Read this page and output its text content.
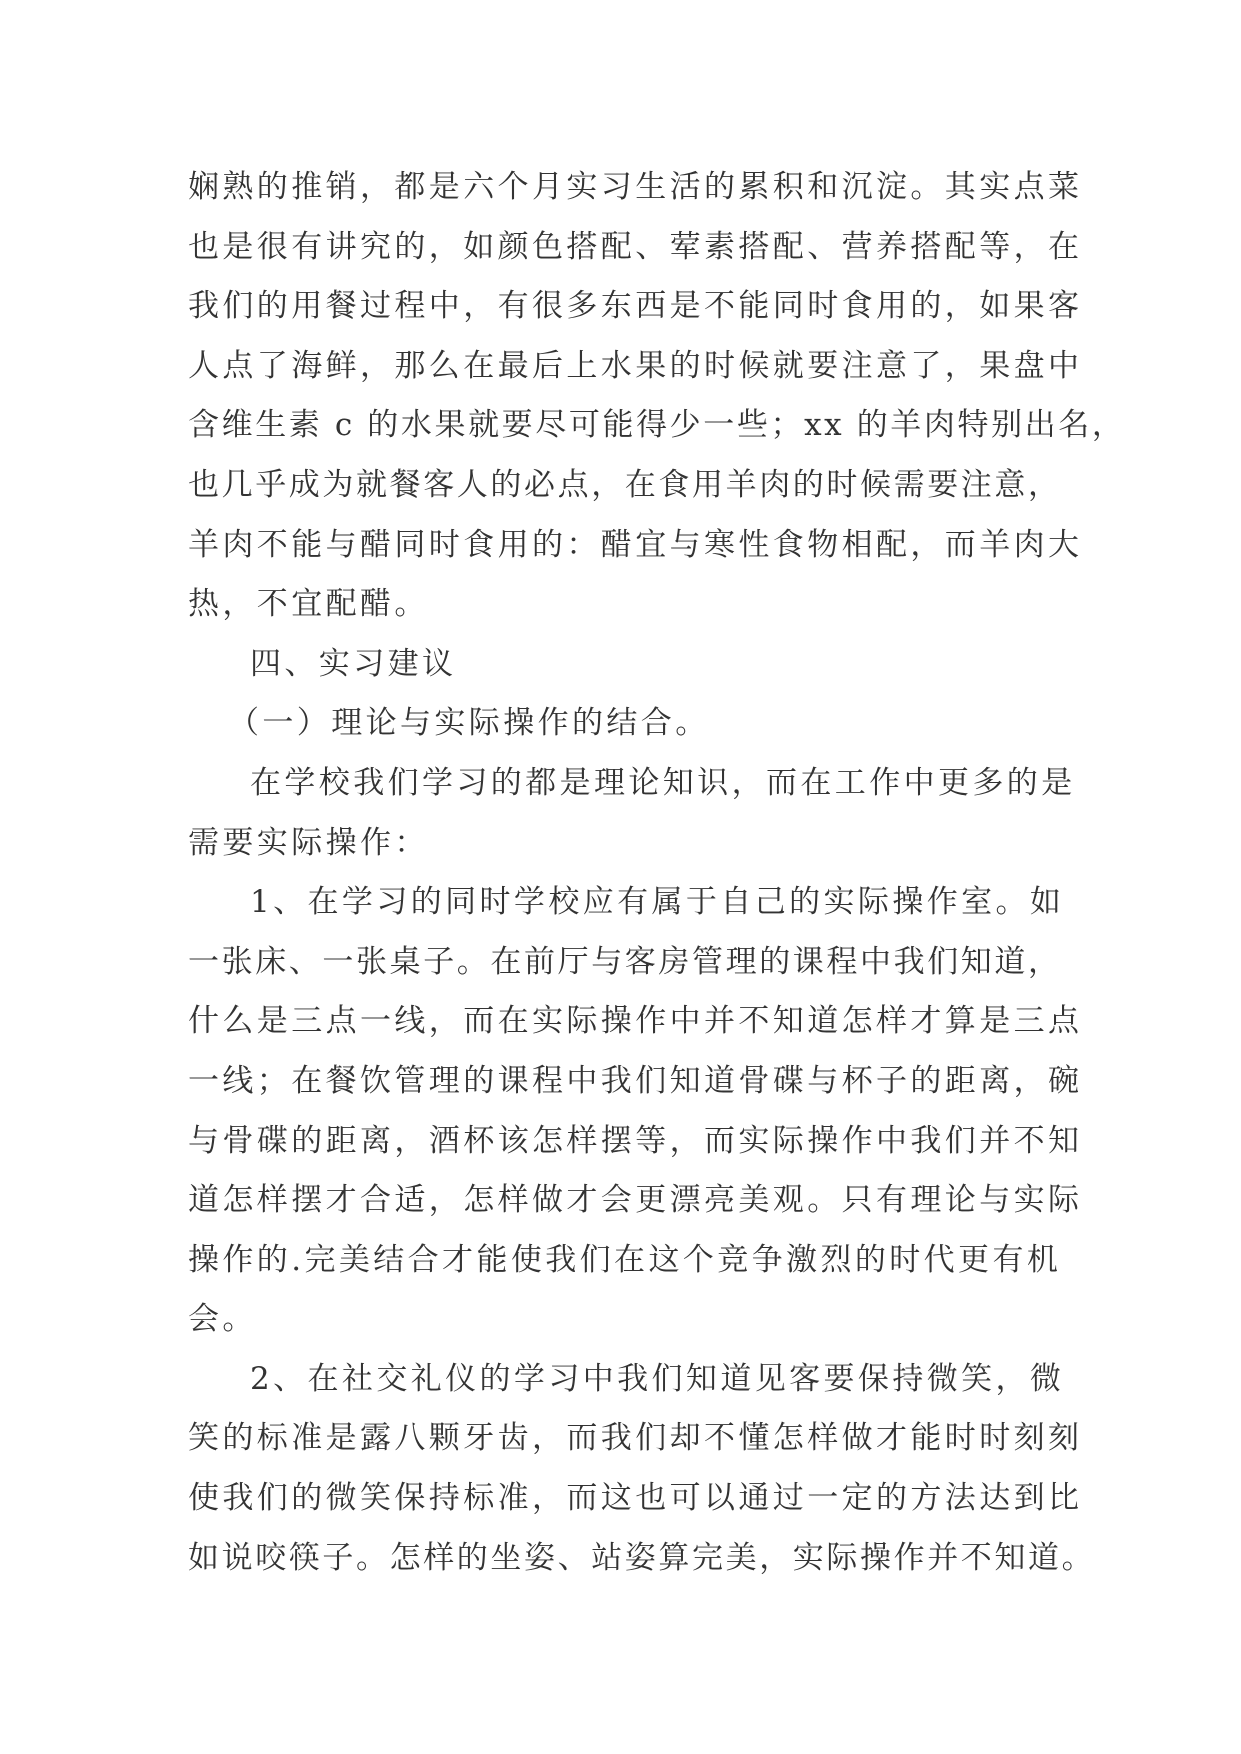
娴熟的推销，都是六个月实习生活的累积和沉淀。其实点菜
也是很有讲究的，如颜色搭配、荤素搭配、营养搭配等，在
我们的用餐过程中，有很多东西是不能同时食用的，如果客
人点了海鲜，那么在最后上水果的时候就要注意了，果盘中
含维生素 c 的水果就要尽可能得少一些；xx 的羊肉特别出名，
也几乎成为就餐客人的必点，在食用羊肉的时候需要注意，
羊肉不能与醋同时食用的：醋宜与寒性食物相配，而羊肉大
热，不宜配醋。
四、实习建议
（一）理论与实际操作的结合。
在学校我们学习的都是理论知识，而在工作中更多的是
需要实际操作：
1、在学习的同时学校应有属于自己的实际操作室。如
一张床、一张桌子。在前厅与客房管理的课程中我们知道，
什么是三点一线，而在实际操作中并不知道怎样才算是三点
一线；在餐饮管理的课程中我们知道骨碟与杯子的距离，碗
与骨碟的距离，酒杯该怎样摆等，而实际操作中我们并不知
道怎样摆才合适，怎样做才会更漂亮美观。只有理论与实际
操作的.完美结合才能使我们在这个竞争激烈的时代更有机
会。
2、在社交礼仪的学习中我们知道见客要保持微笑，微
笑的标准是露八颗牙齿，而我们却不懂怎样做才能时时刻刻
使我们的微笑保持标准，而这也可以通过一定的方法达到比
如说咬筷子。怎样的坐姿、站姿算完美，实际操作并不知道。
